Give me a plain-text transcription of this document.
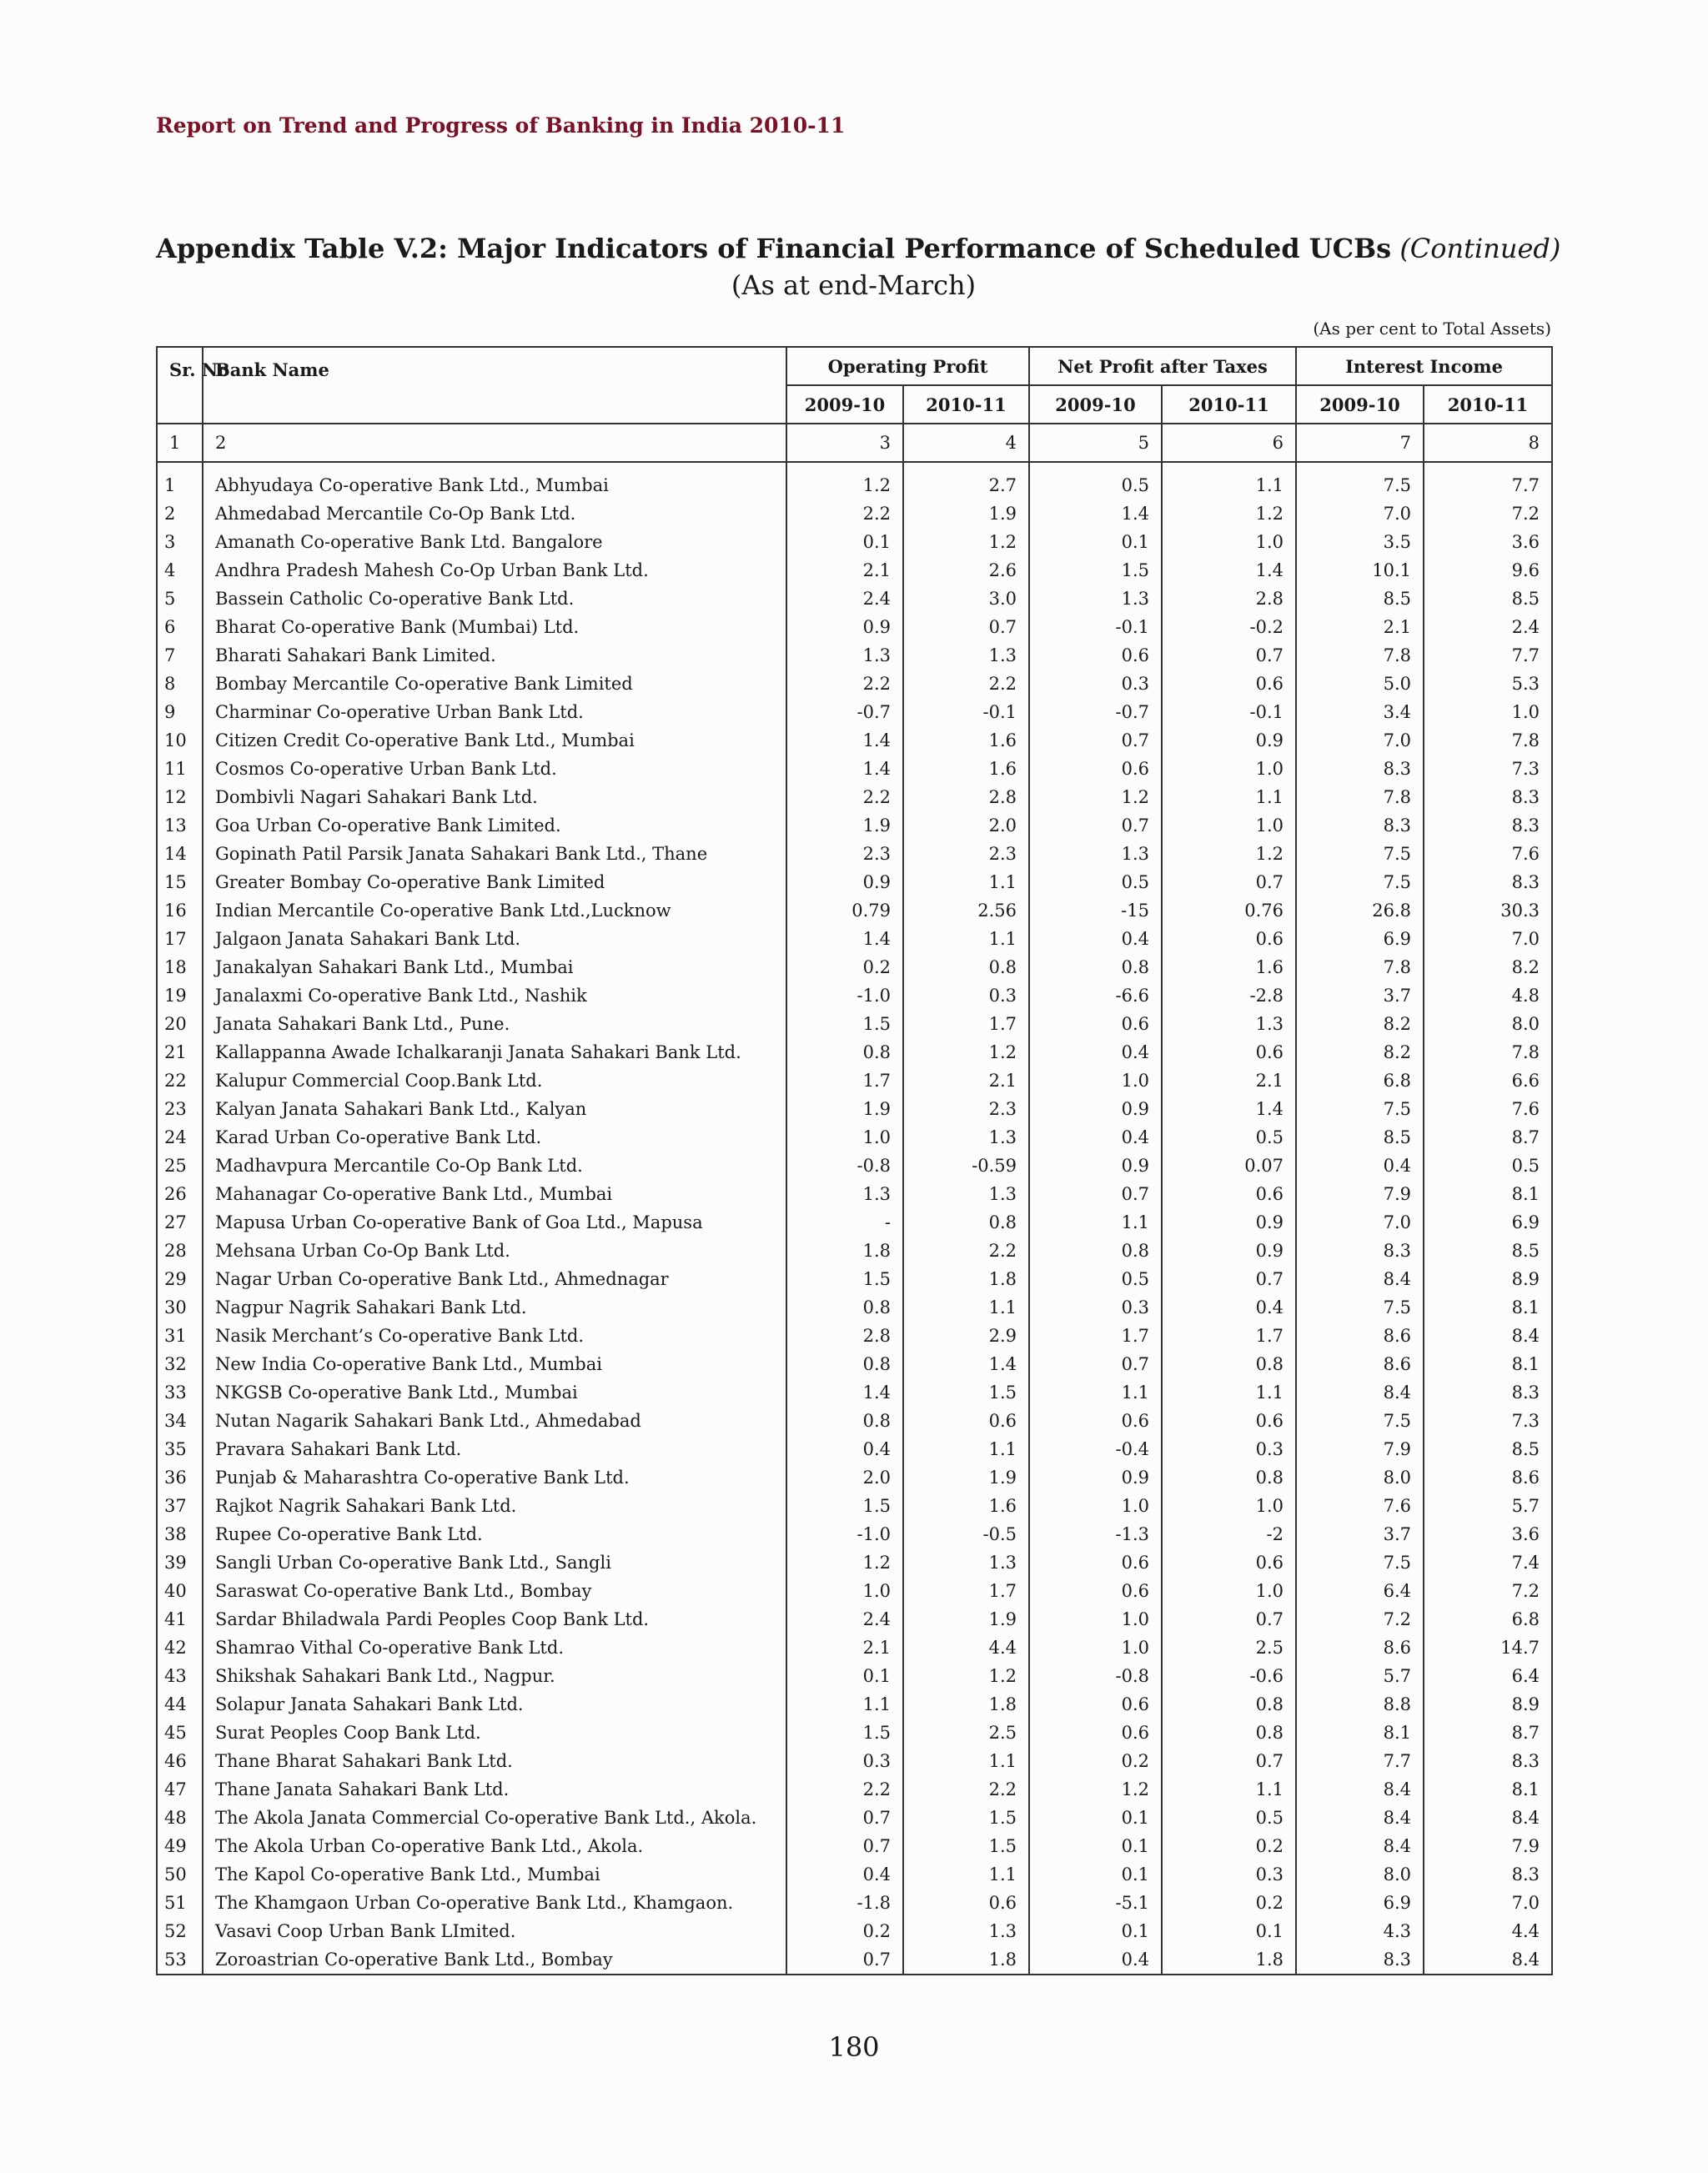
Report on Trend and Progress of Banking in India 2010-11
Appendix Table V.2: Major Indicators of Financial Performance of Scheduled UCBs (Continued)
(As at end-March)
(As per cent to Total Assets)
Sr. No	Bank Name	Operating Profit		Net Profit after Taxes		Interest Income	
		2009-10	2010-11	2009-10	2010-11	2009-10	2010-11
1	2	3	4	5	6	7	8

1	Abhyudaya Co-operative Bank Ltd., Mumbai	1.2	2.7	0.5	1.1	7.5	7.7
2	Ahmedabad Mercantile Co-Op Bank Ltd.	2.2	1.9	1.4	1.2	7.0	7.2
3	Amanath Co-operative Bank Ltd. Bangalore	0.1	1.2	0.1	1.0	3.5	3.6
4	Andhra Pradesh Mahesh Co-Op Urban Bank Ltd.	2.1	2.6	1.5	1.4	10.1	9.6
5	Bassein Catholic Co-operative Bank Ltd.	2.4	3.0	1.3	2.8	8.5	8.5
6	Bharat Co-operative Bank (Mumbai) Ltd.	0.9	0.7	-0.1	-0.2	2.1	2.4
7	Bharati Sahakari Bank Limited.	1.3	1.3	0.6	0.7	7.8	7.7
8	Bombay Mercantile Co-operative Bank Limited	2.2	2.2	0.3	0.6	5.0	5.3
9	Charminar Co-operative Urban Bank Ltd.	-0.7	-0.1	-0.7	-0.1	3.4	1.0
10	Citizen Credit Co-operative Bank Ltd., Mumbai	1.4	1.6	0.7	0.9	7.0	7.8
11	Cosmos Co-operative Urban Bank Ltd.	1.4	1.6	0.6	1.0	8.3	7.3
12	Dombivli Nagari Sahakari Bank Ltd.	2.2	2.8	1.2	1.1	7.8	8.3
13	Goa Urban Co-operative Bank Limited.	1.9	2.0	0.7	1.0	8.3	8.3
14	Gopinath Patil Parsik Janata Sahakari Bank Ltd., Thane	2.3	2.3	1.3	1.2	7.5	7.6
15	Greater Bombay Co-operative Bank Limited	0.9	1.1	0.5	0.7	7.5	8.3
16	Indian Mercantile Co-operative Bank Ltd.,Lucknow	0.79	2.56	-15	0.76	26.8	30.3
17	Jalgaon Janata Sahakari Bank Ltd.	1.4	1.1	0.4	0.6	6.9	7.0
18	Janakalyan Sahakari Bank Ltd., Mumbai	0.2	0.8	0.8	1.6	7.8	8.2
19	Janalaxmi Co-operative Bank Ltd., Nashik	-1.0	0.3	-6.6	-2.8	3.7	4.8
20	Janata Sahakari Bank Ltd., Pune.	1.5	1.7	0.6	1.3	8.2	8.0
21	Kallappanna Awade Ichalkaranji Janata Sahakari Bank Ltd.	0.8	1.2	0.4	0.6	8.2	7.8
22	Kalupur Commercial Coop.Bank Ltd.	1.7	2.1	1.0	2.1	6.8	6.6
23	Kalyan Janata Sahakari Bank Ltd., Kalyan	1.9	2.3	0.9	1.4	7.5	7.6
24	Karad Urban Co-operative Bank Ltd.	1.0	1.3	0.4	0.5	8.5	8.7
25	Madhavpura Mercantile Co-Op Bank Ltd.	-0.8	-0.59	0.9	0.07	0.4	0.5
26	Mahanagar Co-operative Bank Ltd., Mumbai	1.3	1.3	0.7	0.6	7.9	8.1
27	Mapusa Urban Co-operative Bank of Goa Ltd., Mapusa	-	0.8	1.1	0.9	7.0	6.9
28	Mehsana Urban Co-Op Bank Ltd.	1.8	2.2	0.8	0.9	8.3	8.5
29	Nagar Urban Co-operative Bank Ltd., Ahmednagar	1.5	1.8	0.5	0.7	8.4	8.9
30	Nagpur Nagrik Sahakari Bank Ltd.	0.8	1.1	0.3	0.4	7.5	8.1
31	Nasik Merchant’s Co-operative Bank Ltd.	2.8	2.9	1.7	1.7	8.6	8.4
32	New India Co-operative Bank Ltd., Mumbai	0.8	1.4	0.7	0.8	8.6	8.1
33	NKGSB Co-operative Bank Ltd., Mumbai	1.4	1.5	1.1	1.1	8.4	8.3
34	Nutan Nagarik Sahakari Bank Ltd., Ahmedabad	0.8	0.6	0.6	0.6	7.5	7.3
35	Pravara Sahakari Bank Ltd.	0.4	1.1	-0.4	0.3	7.9	8.5
36	Punjab & Maharashtra Co-operative Bank Ltd.	2.0	1.9	0.9	0.8	8.0	8.6
37	Rajkot Nagrik Sahakari Bank Ltd.	1.5	1.6	1.0	1.0	7.6	5.7
38	Rupee Co-operative Bank Ltd.	-1.0	-0.5	-1.3	-2	3.7	3.6
39	Sangli Urban Co-operative Bank Ltd., Sangli	1.2	1.3	0.6	0.6	7.5	7.4
40	Saraswat Co-operative Bank Ltd., Bombay	1.0	1.7	0.6	1.0	6.4	7.2
41	Sardar Bhiladwala Pardi Peoples Coop Bank Ltd.	2.4	1.9	1.0	0.7	7.2	6.8
42	Shamrao Vithal Co-operative Bank Ltd.	2.1	4.4	1.0	2.5	8.6	14.7
43	Shikshak Sahakari Bank Ltd., Nagpur.	0.1	1.2	-0.8	-0.6	5.7	6.4
44	Solapur Janata Sahakari Bank Ltd.	1.1	1.8	0.6	0.8	8.8	8.9
45	Surat Peoples Coop Bank Ltd.	1.5	2.5	0.6	0.8	8.1	8.7
46	Thane Bharat Sahakari Bank Ltd.	0.3	1.1	0.2	0.7	7.7	8.3
47	Thane Janata Sahakari Bank Ltd.	2.2	2.2	1.2	1.1	8.4	8.1
48	The Akola Janata Commercial Co-operative Bank Ltd., Akola.	0.7	1.5	0.1	0.5	8.4	8.4
49	The Akola Urban Co-operative Bank Ltd., Akola.	0.7	1.5	0.1	0.2	8.4	7.9
50	The Kapol Co-operative Bank Ltd., Mumbai	0.4	1.1	0.1	0.3	8.0	8.3
51	The Khamgaon Urban Co-operative Bank Ltd., Khamgaon.	-1.8	0.6	-5.1	0.2	6.9	7.0
52	Vasavi Coop Urban Bank LImited.	0.2	1.3	0.1	0.1	4.3	4.4
53	Zoroastrian Co-operative Bank Ltd., Bombay	0.7	1.8	0.4	1.8	8.3	8.4
180
